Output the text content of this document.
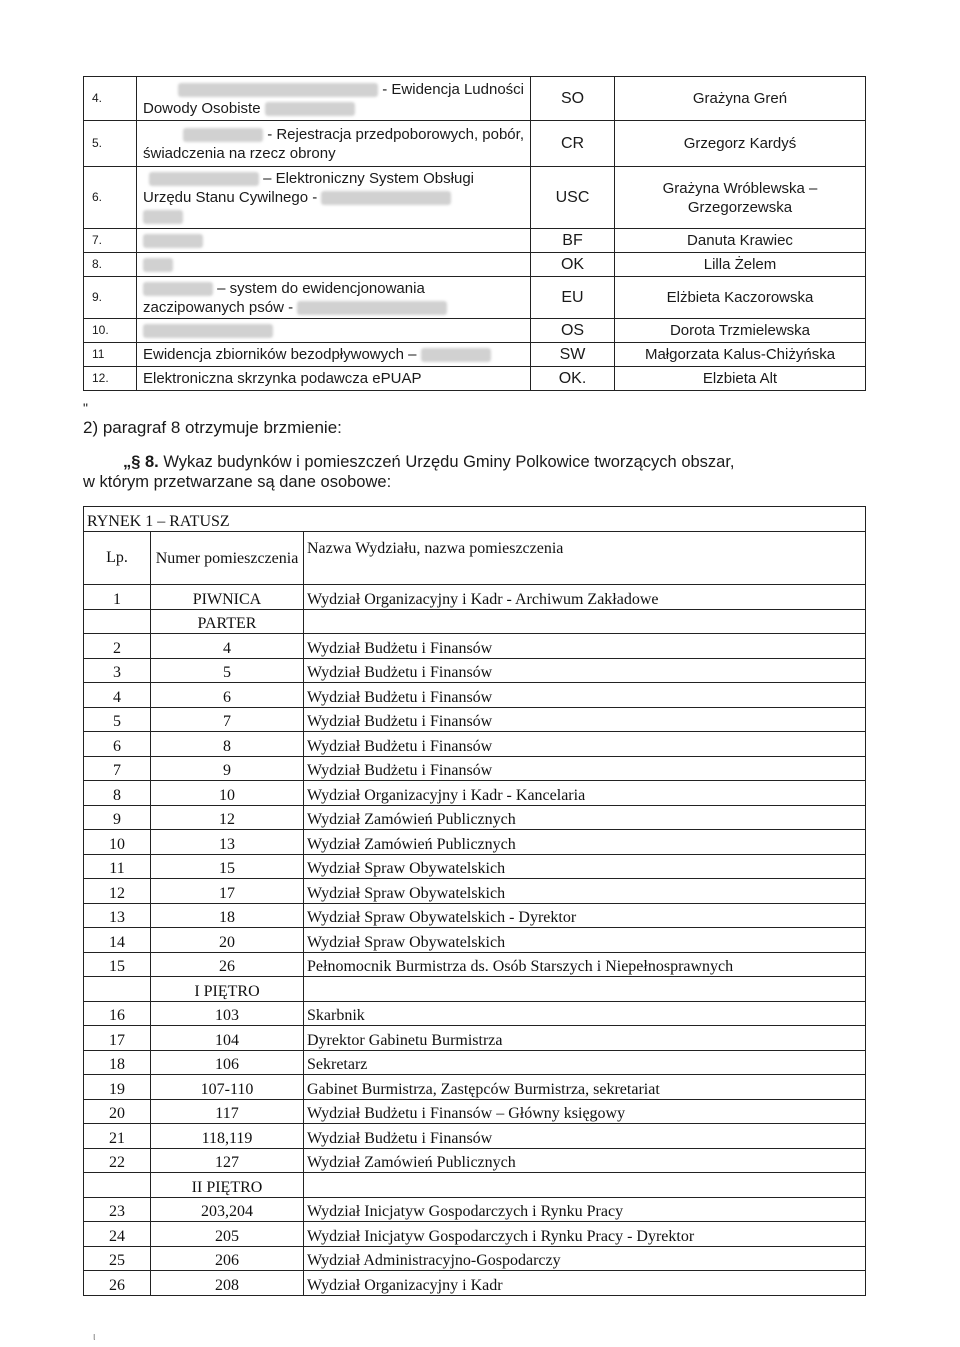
4.	- Ewidencja Ludności
Dowody Osobiste	SO	Grażyna Greń
5.	- Rejestracja przedpoborowych, pobór,
świadczenia na rzecz obrony	CR	Grzegorz Kardyś
6.	– Elektroniczny System Obsługi
Urzędu Stanu Cywilnego -	USC	Grażyna Wróblewska – Grzegorzewska
7.		BF	Danuta Krawiec
8.		OK	Lilla Żelem
9.	– system do ewidencjonowania
zaczipowanych psów -	EU	Elżbieta Kaczorowska
10.		OS	Dorota Trzmielewska
11	Ewidencja zbiorników bezodpływowych –	SW	Małgorzata Kalus-Chiżyńska
12.	Elektroniczna skrzynka podawcza ePUAP	OK.	Elzbieta Alt
"
2) paragraf 8 otrzymuje brzmienie:
„§ 8. Wykaz budynków i pomieszczeń Urzędu Gminy Polkowice tworzących obszar,
w którym przetwarzane są dane osobowe:
RYNEK 1 – RATUSZ		
Lp.	Numer pomieszczenia	Nazwa Wydziału, nazwa pomieszczenia
1	PIWNICA	Wydział Organizacyjny i Kadr - Archiwum Zakładowe
	PARTER	
2	4	Wydział Budżetu i Finansów
3	5	Wydział Budżetu i Finansów
4	6	Wydział Budżetu i Finansów
5	7	Wydział Budżetu i Finansów
6	8	Wydział Budżetu i Finansów
7	9	Wydział Budżetu i Finansów
8	10	Wydział Organizacyjny i Kadr - Kancelaria
9	12	Wydział Zamówień Publicznych
10	13	Wydział Zamówień Publicznych
11	15	Wydział Spraw Obywatelskich
12	17	Wydział Spraw Obywatelskich
13	18	Wydział Spraw Obywatelskich - Dyrektor
14	20	Wydział Spraw Obywatelskich
15	26	Pełnomocnik Burmistrza ds. Osób Starszych i Niepełnosprawnych
	I PIĘTRO	
16	103	Skarbnik
17	104	Dyrektor Gabinetu Burmistrza
18	106	Sekretarz
19	107-110	Gabinet Burmistrza, Zastępców Burmistrza, sekretariat
20	117	Wydział Budżetu i Finansów – Główny księgowy
21	118,119	Wydział Budżetu i Finansów
22	127	Wydział Zamówień Publicznych
	II PIĘTRO	
23	203,204	Wydział Inicjatyw Gospodarczych i Rynku Pracy
24	205	Wydział Inicjatyw Gospodarczych i Rynku Pracy - Dyrektor
25	206	Wydział Administracyjno-Gospodarczy
26	208	Wydział Organizacyjny i Kadr
ι
